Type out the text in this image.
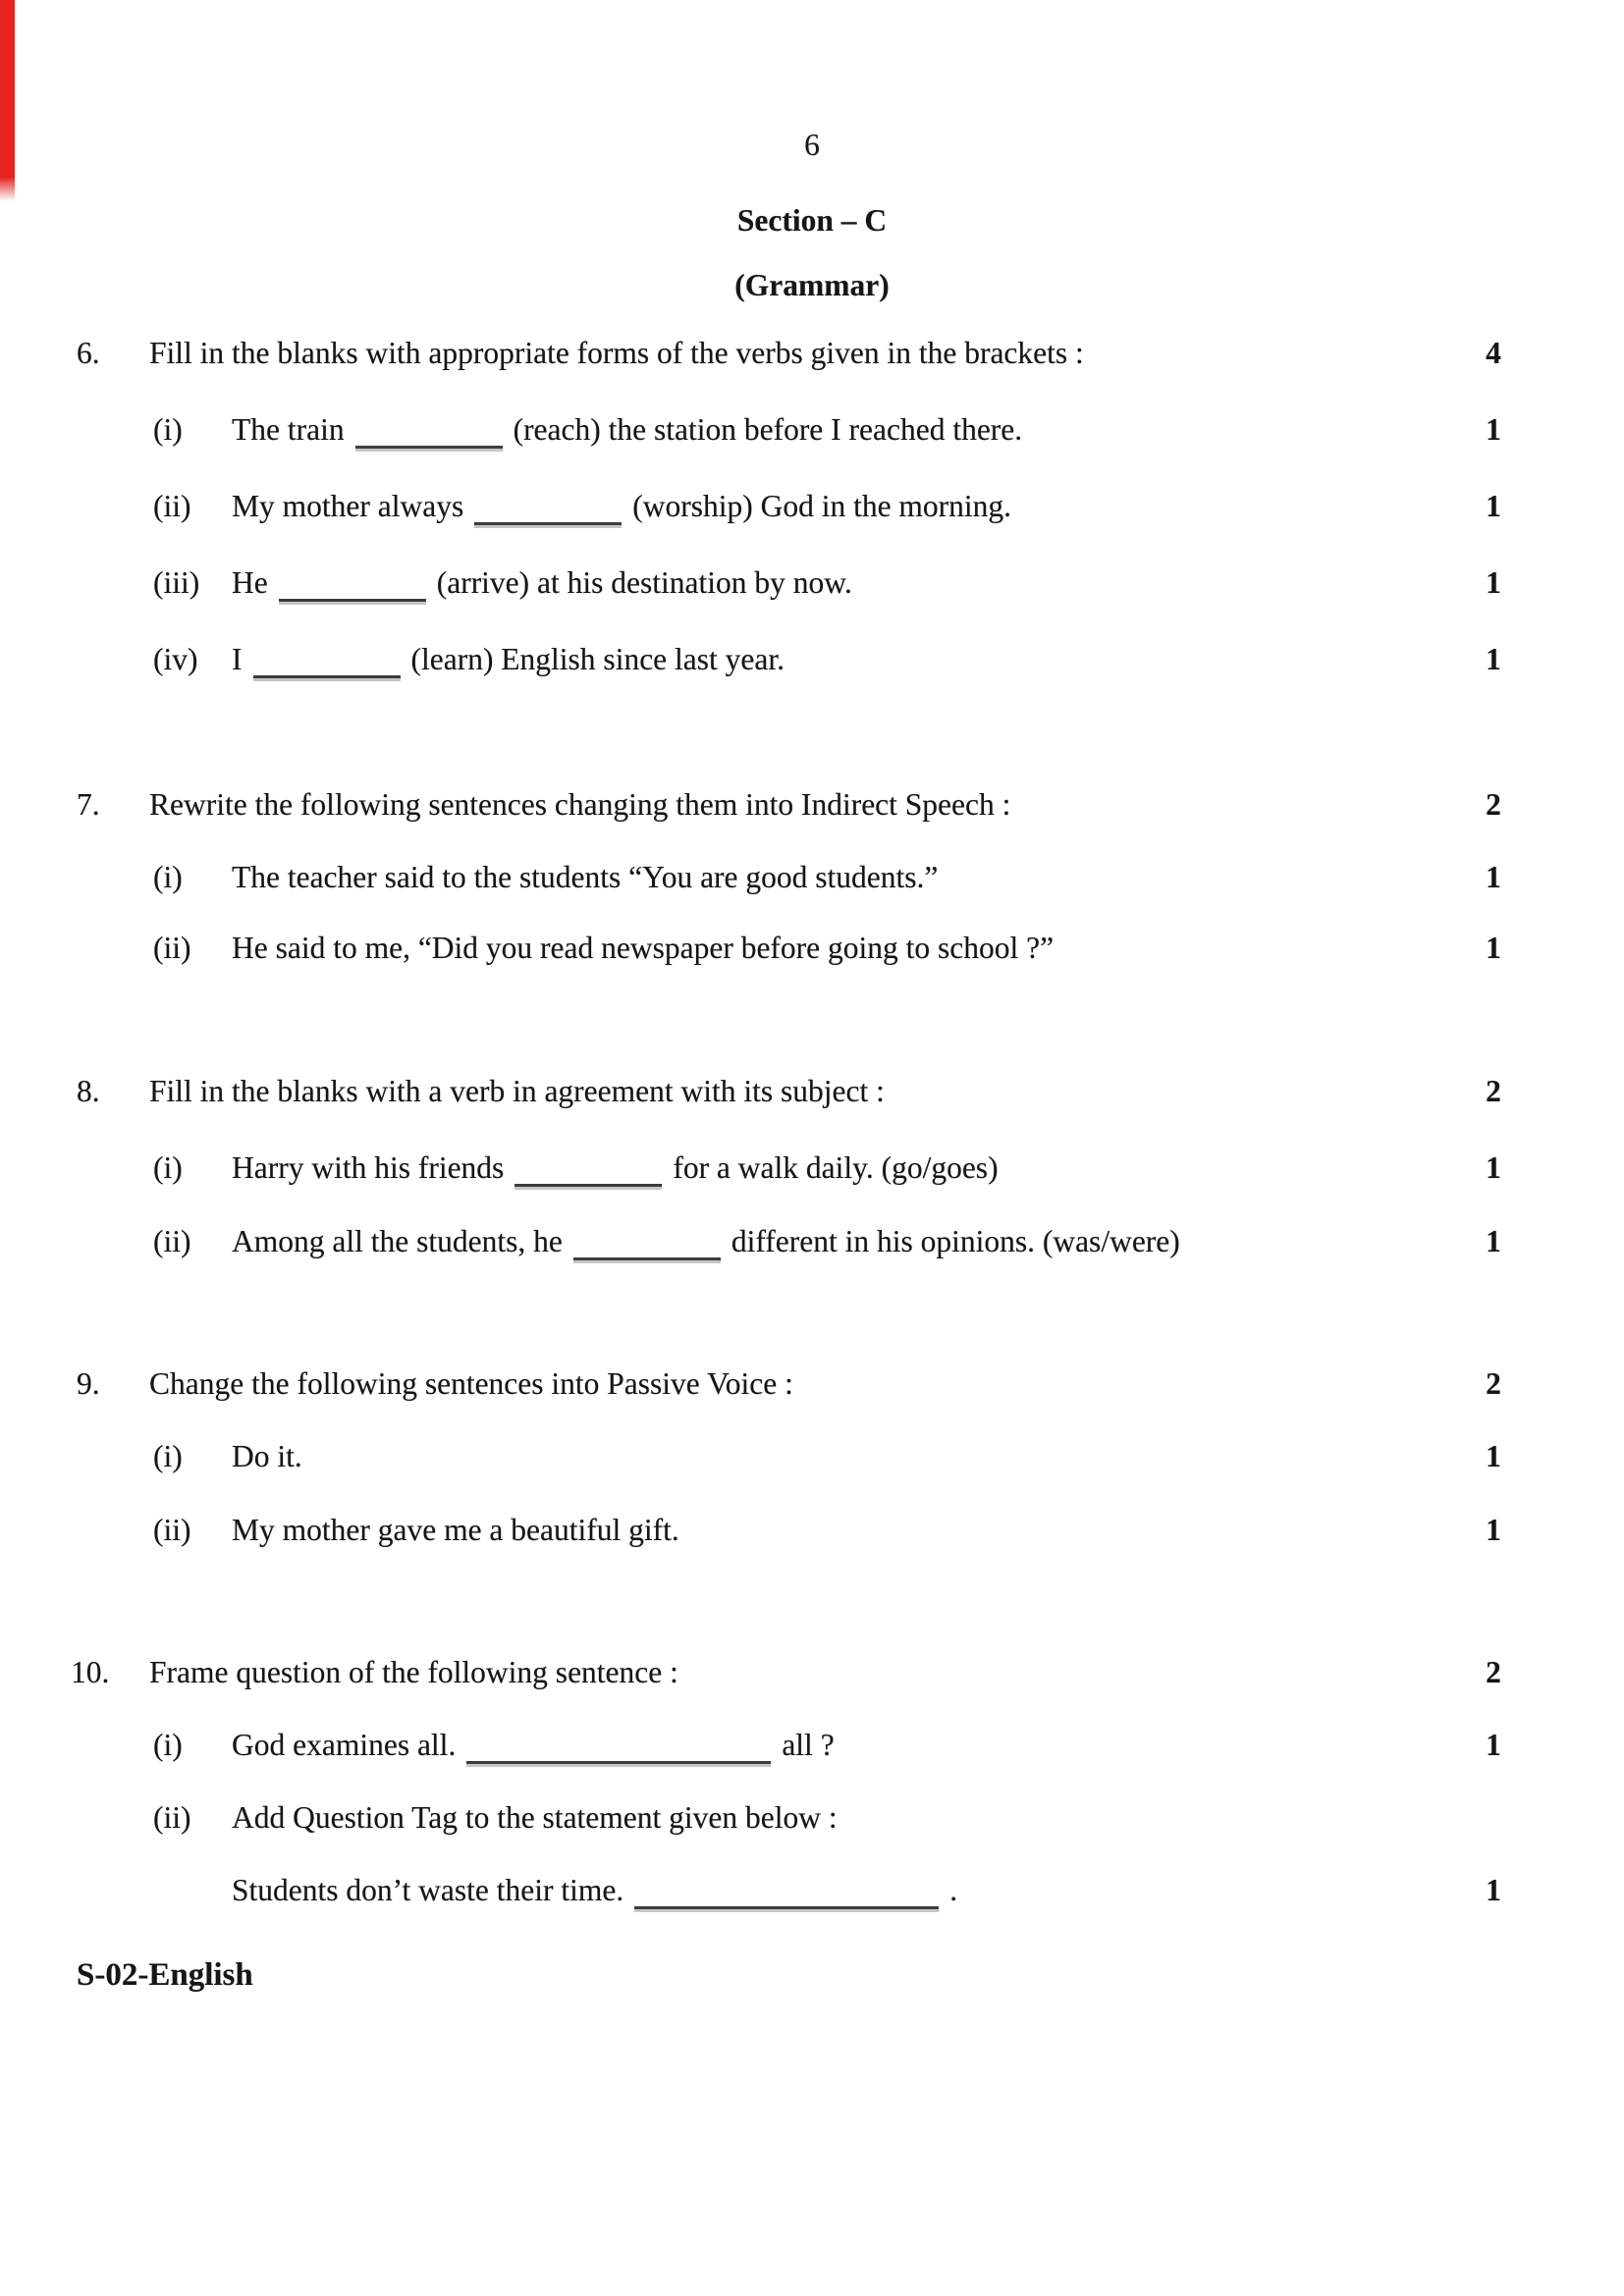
6
Section – C
(Grammar)
6. Fill in the blanks with appropriate forms of the verbs given in the brackets :	4
(i) The train	(reach) the station before I reached there.	1
(ii) My mother always	(worship) God in the morning.	1
(iii) He	(arrive) at his destination by now.	1
(iv) I	(learn) English since last year.	1
7. Rewrite the following sentences changing them into Indirect Speech :	2
(i) The teacher said to the students “You are good students.”	1
(ii) He said to me, “Did you read newspaper before going to school ?”	1
8. Fill in the blanks with a verb in agreement with its subject :	2
(i) Harry with his friends	for a walk daily. (go/goes)	1
(ii) Among all the students, he	different in his opinions. (was/were)	1
9. Change the following sentences into Passive Voice :	2
(i) Do it.	1
(ii) My mother gave me a beautiful gift.	1
10. Frame question of the following sentence :	2
(i) God examines all.	all ?	1
(ii) Add Question Tag to the statement given below :
Students don’t waste their time.	.	1
S-02-English
